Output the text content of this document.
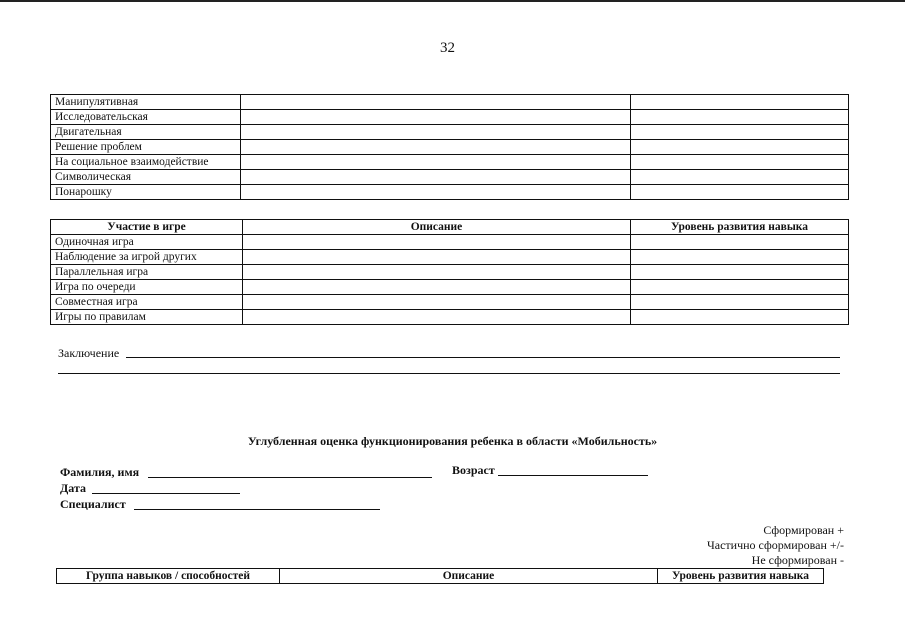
32
Манипулятивная		
Исследовательская		
Двигательная		
Решение проблем		
На социальное взаимодействие		
Символическая		
Понарошку		
Участие в игре	Описание	Уровень развития навыка
Одиночная игра		
Наблюдение за игрой других		
Параллельная игра		
Игра по очереди		
Совместная игра		
Игры по правилам		
Заключение
Углубленная оценка функционирования ребенка в области «Мобильность»
Фамилия, имя	Возраст
Дата
Специалист
Сформирован +
Частично сформирован +/-
Не сформирован -
Группа навыков / способностей	Описание	Уровень развития навыка
